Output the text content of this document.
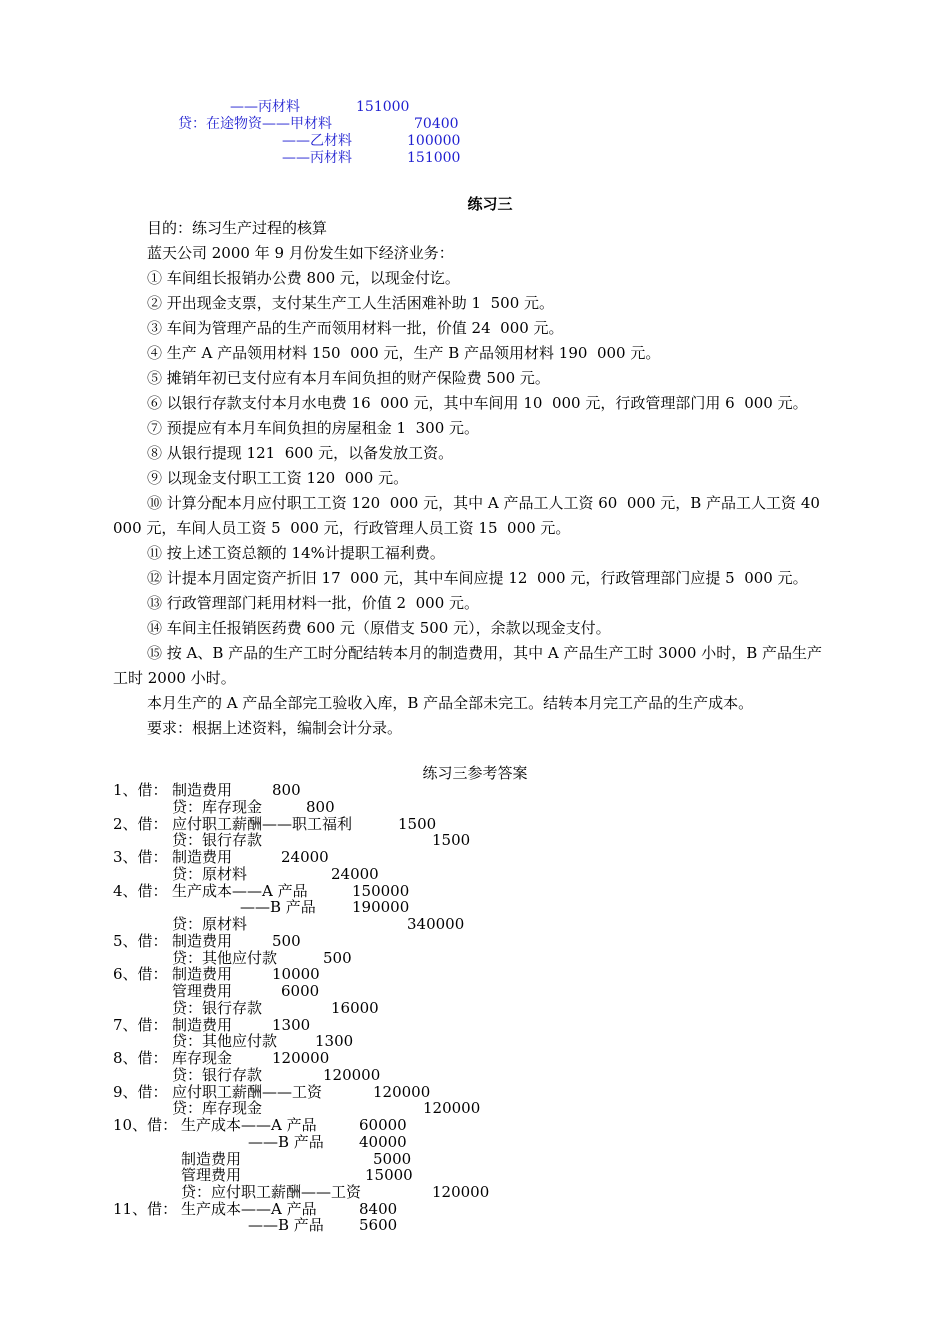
——丙材料	151000
贷：在途物资——甲材料	70400
——乙材料	100000
——丙材料	151000
练习三
目的：练习生产过程的核算
蓝天公司 2000 年 9 月份发生如下经济业务：
① 车间组长报销办公费 800 元，以现金付讫。
② 开出现金支票，支付某生产工人生活困难补助 1  500 元。
③ 车间为管理产品的生产而领用材料一批，价值 24  000 元。
④ 生产 A 产品领用材料 150  000 元，生产 B 产品领用材料 190  000 元。
⑤ 摊销年初已支付应有本月车间负担的财产保险费 500 元。
⑥ 以银行存款支付本月水电费 16  000 元，其中车间用 10  000 元，行政管理部门用 6  000 元。
⑦ 预提应有本月车间负担的房屋租金 1  300 元。
⑧ 从银行提现 121  600 元，以备发放工资。
⑨ 以现金支付职工工资 120  000 元。
⑩ 计算分配本月应付职工工资 120  000 元，其中 A 产品工人工资 60  000 元，B 产品工人工资 40
000 元，车间人员工资 5  000 元，行政管理人员工资 15  000 元。
⑪ 按上述工资总额的 14%计提职工福利费。
⑫ 计提本月固定资产折旧 17  000 元，其中车间应提 12  000 元，行政管理部门应提 5  000 元。
⑬ 行政管理部门耗用材料一批，价值 2  000 元。
⑭ 车间主任报销医药费 600 元（原借支 500 元），余款以现金支付。
⑮ 按 A、B 产品的生产工时分配结转本月的制造费用，其中 A 产品生产工时 3000 小时，B 产品生产
工时 2000 小时。
本月生产的 A 产品全部完工验收入库，B 产品全部未完工。结转本月完工产品的生产成本。
要求：根据上述资料，编制会计分录。
练习三参考答案
1、借： 制造费用	800
贷：库存现金	800
2、借： 应付职工薪酬——职工福利	1500
贷：银行存款	1500
3、借： 制造费用	24000
贷：原材料	24000
4、借： 生产成本——A 产品	150000
——B 产品 190000
贷：原材料	340000
5、借： 制造费用	500
贷：其他应付款	500
6、借： 制造费用	10000
管理费用	6000
贷：银行存款	16000
7、借： 制造费用	1300
贷：其他应付款	1300
8、借： 库存现金	120000
贷：银行存款	120000
9、借： 应付职工薪酬——工资	120000
贷：库存现金	120000
10、借： 生产成本——A 产品	60000
——B 产品 40000
制造费用	5000
管理费用	15000
贷：应付职工薪酬——工资	120000
11、借： 生产成本——A 产品	8400
——B 产品 5600
